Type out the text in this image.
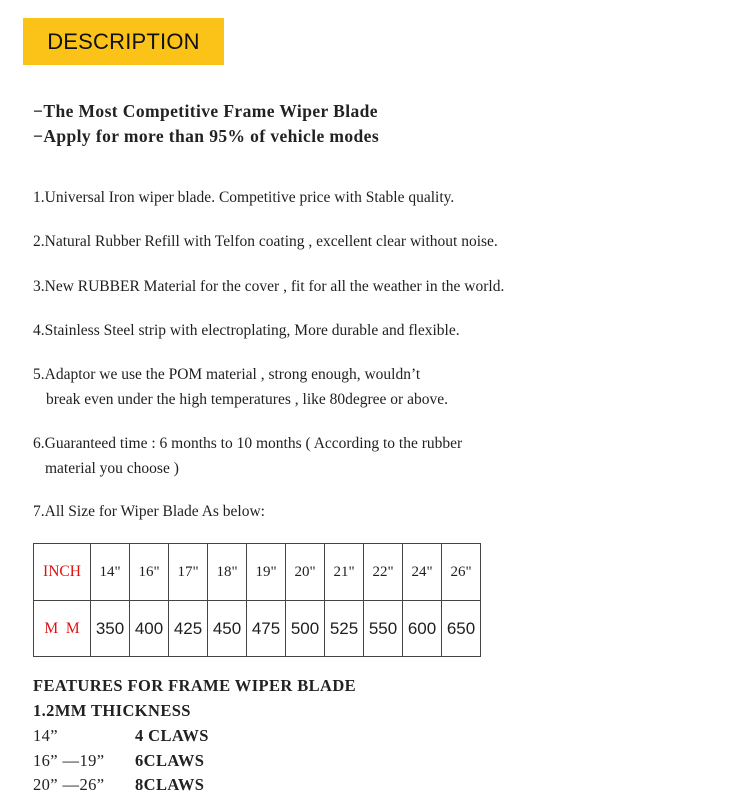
DESCRIPTION
−The Most Competitive Frame Wiper Blade
−Apply for more than 95% of vehicle modes
1.Universal Iron wiper blade. Competitive price with Stable quality.
2.Natural Rubber Refill with Telfon coating , excellent clear without noise.
3.New RUBBER Material for the cover , fit for all the weather in the world.
4.Stainless Steel strip with electroplating, More durable and flexible.
5.Adaptor we use the POM material , strong enough, wouldn’t
break even under the high temperatures , like 80degree or above.
6.Guaranteed time : 6 months to 10 months ( According to the rubber
material you choose )
7.All Size for Wiper Blade As below:
INCH	14"	16"	17"	18"	19"	20"	21"	22"	24"	26"
M  M	350	400	425	450	475	500	525	550	600	650
FEATURES FOR FRAME WIPER BLADE
1.2MM THICKNESS
14”	4 CLAWS
16” —19” 6CLAWS
20” —26” 8CLAWS
